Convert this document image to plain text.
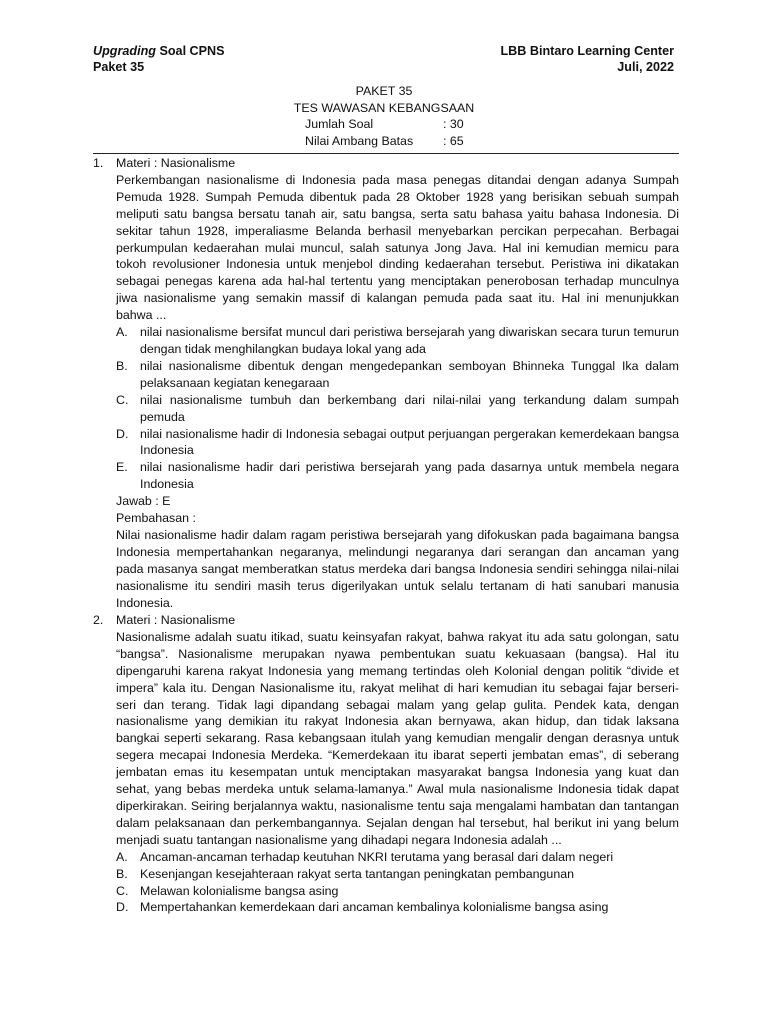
Upgrading Soal CPNS
Paket 35
LBB Bintaro Learning Center
Juli, 2022
PAKET 35
TES WAWASAN KEBANGSAAN
Jumlah Soal	: 30
Nilai Ambang Batas : 65
1.	Materi : Nasionalisme

Perkembangan nasionalisme di Indonesia pada masa penegas ditandai dengan adanya Sumpah Pemuda 1928. Sumpah Pemuda dibentuk pada 28 Oktober 1928 yang berisikan sebuah sumpah meliputi satu bangsa bersatu tanah air, satu bangsa, serta satu bahasa yaitu bahasa Indonesia. Di sekitar tahun 1928, imperaliasme Belanda berhasil menyebarkan percikan perpecahan. Berbagai perkumpulan kedaerahan mulai muncul, salah satunya Jong Java. Hal ini kemudian memicu para tokoh revolusioner Indonesia untuk menjebol dinding kedaerahan tersebut. Peristiwa ini dikatakan sebagai penegas karena ada hal-hal tertentu yang menciptakan penerobosan terhadap munculnya jiwa nasionalisme yang semakin massif di kalangan pemuda pada saat itu. Hal ini menunjukkan bahwa ...

A. nilai nasionalisme bersifat muncul dari peristiwa bersejarah yang diwariskan secara turun temurun dengan tidak menghilangkan budaya lokal yang ada
B. nilai nasionalisme dibentuk dengan mengedepankan semboyan Bhinneka Tunggal Ika dalam pelaksanaan kegiatan kenegaraan
C. nilai nasionalisme tumbuh dan berkembang dari nilai-nilai yang terkandung dalam sumpah pemuda
D. nilai nasionalisme hadir di Indonesia sebagai output perjuangan pergerakan kemerdekaan bangsa Indonesia
E. nilai nasionalisme hadir dari peristiwa bersejarah yang pada dasarnya untuk membela negara Indonesia
Jawab : E
Pembahasan :

Nilai nasionalisme hadir dalam ragam peristiwa bersejarah yang difokuskan pada bagaimana bangsa Indonesia mempertahankan negaranya, melindungi negaranya dari serangan dan ancaman yang pada masanya sangat memberatkan status merdeka dari bangsa Indonesia sendiri sehingga nilai-nilai nasionalisme itu sendiri masih terus digerilyakan untuk selalu tertanam di hati sanubari manusia Indonesia.

2.	Materi : Nasionalisme

Nasionalisme adalah suatu itikad, suatu keinsyafan rakyat, bahwa rakyat itu ada satu golongan, satu “bangsa”. Nasionalisme merupakan nyawa pembentukan suatu kekuasaan (bangsa). Hal itu dipengaruhi karena rakyat Indonesia yang memang tertindas oleh Kolonial dengan politik “divide et impera” kala itu. Dengan Nasionalisme itu, rakyat melihat di hari kemudian itu sebagai fajar berseri-seri dan terang. Tidak lagi dipandang sebagai malam yang gelap gulita. Pendek kata, dengan nasionalisme yang demikian itu rakyat Indonesia akan bernyawa, akan hidup, dan tidak laksana bangkai seperti sekarang. Rasa kebangsaan itulah yang kemudian mengalir dengan derasnya untuk segera mecapai Indonesia Merdeka. “Kemerdekaan itu ibarat seperti jembatan emas”, di seberang jembatan emas itu kesempatan untuk menciptakan masyarakat bangsa Indonesia yang kuat dan sehat, yang bebas merdeka untuk selama-lamanya.” Awal mula nasionalisme Indonesia tidak dapat diperkirakan. Seiring berjalannya waktu, nasionalisme tentu saja mengalami hambatan dan tantangan dalam pelaksanaan dan perkembangannya. Sejalan dengan hal tersebut, hal berikut ini yang belum menjadi suatu tantangan nasionalisme yang dihadapi negara Indonesia adalah ...

A. Ancaman-ancaman terhadap keutuhan NKRI terutama yang berasal dari dalam negeri
B. Kesenjangan kesejahteraan rakyat serta tantangan peningkatan pembangunan
C. Melawan kolonialisme bangsa asing
D. Mempertahankan kemerdekaan dari ancaman kembalinya kolonialisme bangsa asing
